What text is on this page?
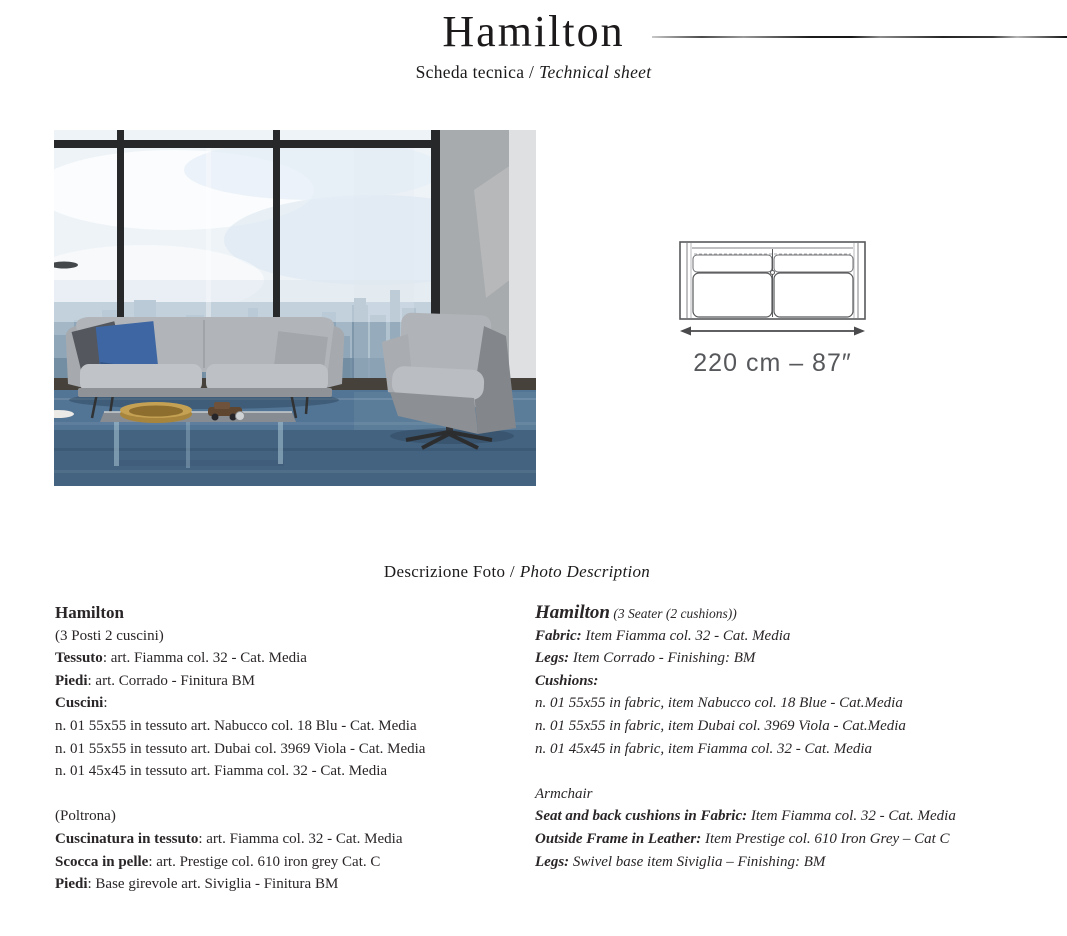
Hamilton
Scheda tecnica / Technical sheet
220 cm – 87″
Descrizione Foto / Photo Description
Hamilton
(3 Posti 2 cuscini)
Tessuto: art. Fiamma col. 32 - Cat. Media
Piedi: art. Corrado - Finitura BM
Cuscini:
n. 01 55x55 in tessuto art. Nabucco col. 18 Blu - Cat. Media
n. 01 55x55 in tessuto art. Dubai col. 3969 Viola - Cat. Media
n. 01 45x45 in tessuto art. Fiamma col. 32 - Cat. Media
(Poltrona)
Cuscinatura in tessuto: art. Fiamma col. 32 - Cat. Media
Scocca in pelle: art. Prestige col. 610 iron grey Cat. C
Piedi: Base girevole art. Siviglia - Finitura BM
Hamilton (3 Seater (2 cushions))
Fabric: Item Fiamma col. 32 - Cat. Media
Legs: Item Corrado - Finishing: BM
Cushions:
n. 01 55x55 in fabric, item Nabucco col. 18 Blue - Cat.Media
n. 01 55x55 in fabric, item Dubai col. 3969 Viola - Cat.Media
n. 01 45x45 in fabric, item Fiamma col. 32 - Cat. Media
Armchair
Seat and back cushions in Fabric: Item Fiamma col. 32 - Cat. Media
Outside Frame in Leather: Item Prestige col. 610 Iron Grey – Cat C
Legs: Swivel base item Siviglia – Finishing: BM
